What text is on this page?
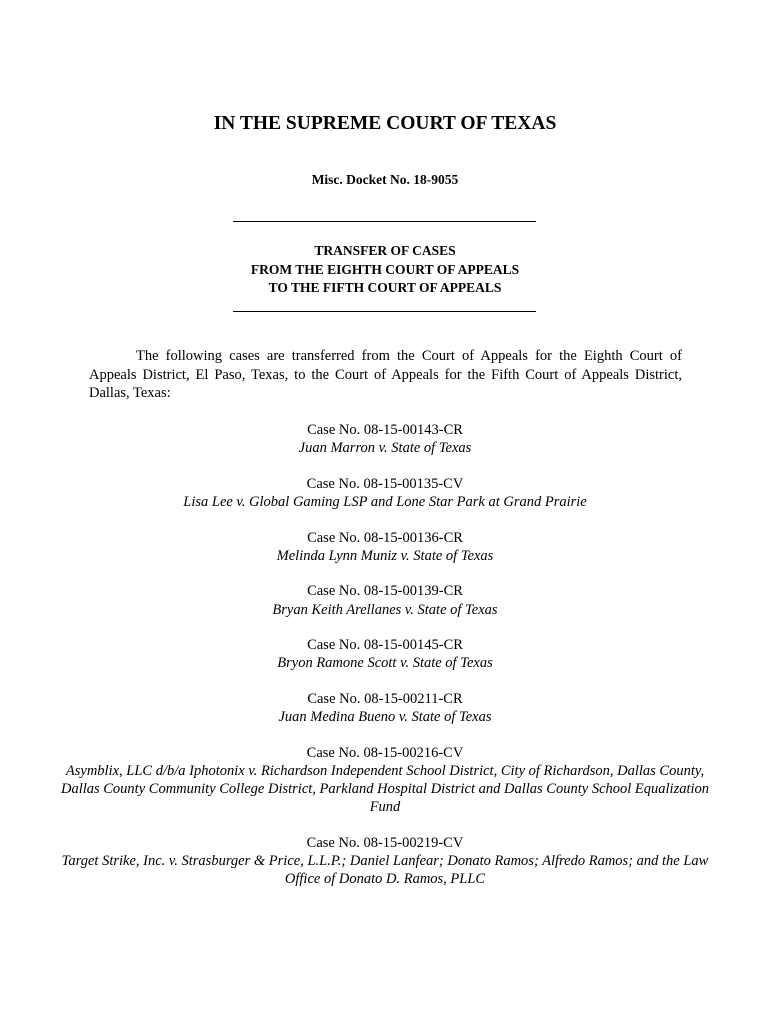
IN THE SUPREME COURT OF TEXAS
Misc. Docket No. 18-9055
TRANSFER OF CASES
FROM THE EIGHTH COURT OF APPEALS
TO THE FIFTH COURT OF APPEALS

The following cases are transferred from the Court of Appeals for the Eighth Court of Appeals District, El Paso, Texas, to the Court of Appeals for the Fifth Court of Appeals District, Dallas, Texas:

Case No. 08-15-00143-CR
Juan Marron v. State of Texas
Case No. 08-15-00135-CV
Lisa Lee v. Global Gaming LSP and Lone Star Park at Grand Prairie
Case No. 08-15-00136-CR
Melinda Lynn Muniz v. State of Texas
Case No. 08-15-00139-CR
Bryan Keith Arellanes v. State of Texas
Case No. 08-15-00145-CR
Bryon Ramone Scott v. State of Texas
Case No. 08-15-00211-CR
Juan Medina Bueno v. State of Texas
Case No. 08-15-00216-CV
Asymblix, LLC d/b/a Iphotonix v. Richardson Independent School District, City of Richardson, Dallas County, Dallas County Community College District, Parkland Hospital District and Dallas County School Equalization Fund
Case No. 08-15-00219-CV
Target Strike, Inc. v. Strasburger & Price, L.L.P.; Daniel Lanfear; Donato Ramos; Alfredo Ramos; and the Law Office of Donato D. Ramos, PLLC
